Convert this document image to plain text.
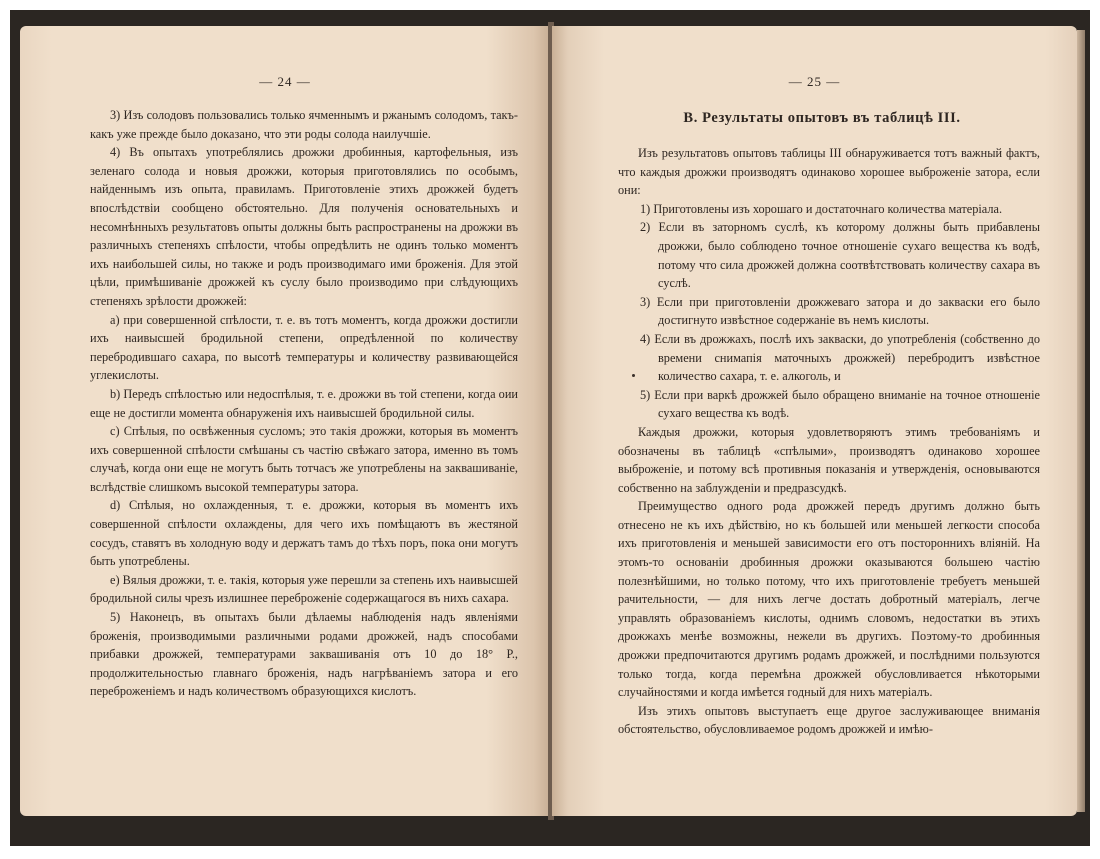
— 24 —

3) Изъ солодовъ пользовались только ячменнымъ и ржанымъ солодомъ, такъ-какъ уже прежде было доказано, что эти роды солода наилучшіе.

4) Въ опытахъ употреблялись дрожжи дробинныя, картофельныя, изъ зеленаго солода и новыя дрожжи, которыя приготовлялись по особымъ, найденнымъ изъ опыта, правиламъ. Приготовленіе этихъ дрожжей будетъ впослѣдствіи сообщено обстоятельно. Для полученія основательныхъ и несомнѣнныхъ результатовъ опыты должны быть распространены на дрожжи въ различныхъ степеняхъ спѣлости, чтобы опредѣлить не одинъ только моментъ ихъ наибольшей силы, но также и родъ производимаго ими броженія. Для этой цѣли, примѣшиваніе дрожжей къ суслу было производимо при слѣдующихъ степеняхъ зрѣлости дрожжей:

a) при совершенной спѣлости, т. е. въ тотъ моментъ, когда дрожжи достигли ихъ наивысшей бродильной степени, опредѣленной по количеству перебродившаго сахара, по высотѣ температуры и количеству развивающейся углекислоты.

b) Передъ спѣлостью или недоспѣлыя, т. е. дрожжи въ той степени, когда оии еще не достигли момента обнаруженія ихъ наивысшей бродильной силы.

c) Спѣлыя, по освѣженныя сусломъ; это такія дрожжи, которыя въ моментъ ихъ совершенной спѣлости смѣшаны съ частію свѣжаго затора, именно въ томъ случаѣ, когда они еще не могутъ быть тотчасъ же употреблены на заквашиваніе, вслѣдствіе слишкомъ высокой температуры затора.

d) Спѣлыя, но охлажденныя, т. е. дрожжи, которыя въ моментъ ихъ совершенной спѣлости охлаждены, для чего ихъ помѣщаютъ въ жестяной сосудъ, ставятъ въ холодную воду и держатъ тамъ до тѣхъ поръ, пока они могутъ быть употреблены.

e) Вялыя дрожжи, т. е. такія, которыя уже перешли за степень ихъ наивысшей бродильной силы чрезъ излишнее переброженіе содержащагося въ нихъ сахара.

5) Наконецъ, въ опытахъ были дѣлаемы наблюденія надъ явленіями броженія, производимыми различными родами дрожжей, надъ способами прибавки дрожжей, температурами заквашиванія отъ 10 до 18° Р., продолжительностью главнаго броженія, надъ нагрѣваніемъ затора и его переброженіемъ и надъ количествомъ образующихся кислотъ.

— 25 —
B. Результаты опытовъ въ таблицѣ III.

Изъ результатовъ опытовъ таблицы III обнаруживается тотъ важный фактъ, что каждыя дрожжи производятъ одинаково хорошее выброженіе затора, если они:

1) Приготовлены изъ хорошаго и достаточнаго количества матеріала.

2) Если въ заторномъ суслѣ, къ которому должны быть прибавлены дрожжи, было соблюдено точное отношеніе сухаго вещества къ водѣ, потому что сила дрожжей должна соотвѣтствовать количеству сахара въ суслѣ.

3) Если при приготовленіи дрожжеваго затора и до закваски его было достигнуто извѣстное содержаніе въ немъ кислоты.

4) Если въ дрожжахъ, послѣ ихъ закваски, до употребленія (собственно до времени снимапія маточныхъ дрожжей) перебродитъ извѣстное количество сахара, т. е. алкоголь, и

5) Если при варкѣ дрожжей было обращено вниманіе на точное отношеніе сухаго вещества къ водѣ.

Каждыя дрожжи, которыя удовлетворяютъ этимъ требованіямъ и обозначены въ таблицѣ «спѣлыми», производятъ одинаково хорошее выброженіе, и потому всѣ противныя показанія и утвержденія, основываются собственно на заблужденіи и предразсудкѣ.

Преимущество одного рода дрожжей передъ другимъ должно быть отнесено не къ ихъ дѣйствію, но къ большей или меньшей легкости способа ихъ приготовленія и меньшей зависимости его отъ постороннихъ вліяній. На этомъ-то основаніи дробинныя дрожжи оказываются большею частію полезнѣйшими, но только потому, что ихъ приготовленіе требуетъ меньшей рачительности, — для нихъ легче достать добротный матеріалъ, легче управлять образованіемъ кислоты, однимъ словомъ, недостатки въ этихъ дрожжахъ менѣе возможны, нежели въ другихъ. Поэтому-то дробинныя дрожжи предпочитаются другимъ родамъ дрожжей, и послѣдними пользуются только тогда, когда перемѣна дрожжей обусловливается нѣкоторыми случайностями и когда имѣется годный для нихъ матеріалъ.

Изъ этихъ опытовъ выступаетъ еще другое заслуживающее вниманія обстоятельство, обусловливаемое родомъ дрожжей и имѣю-
